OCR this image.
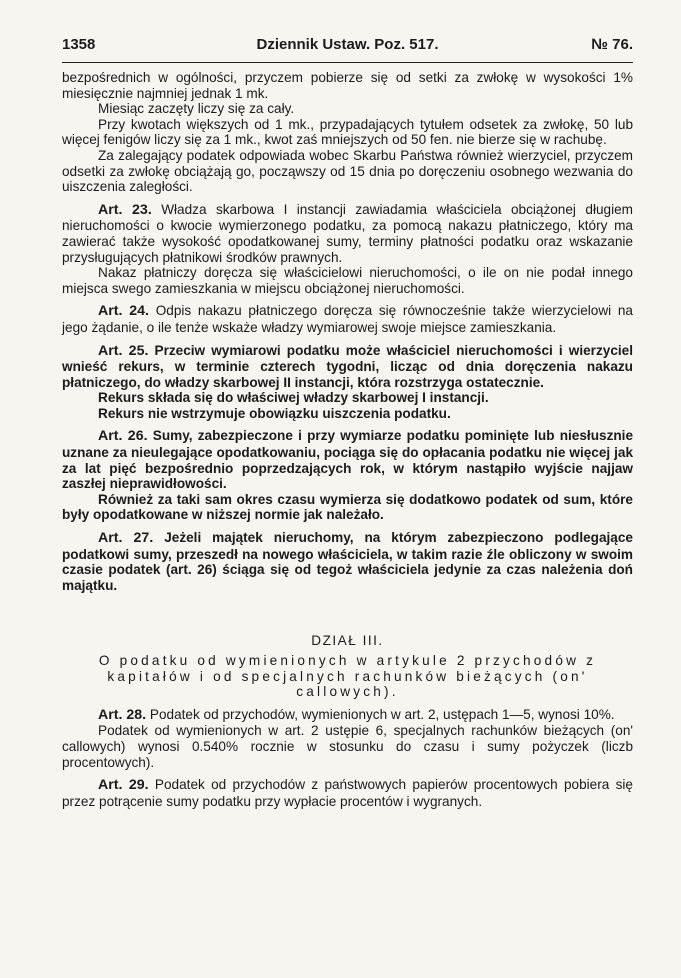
1358	Dziennik Ustaw. Poz. 517.	№ 76.

bezpośrednich w ogólności, przyczem pobierze się od setki za zwłokę w wysokości 1% miesięcznie najmniej jednak 1 mk.

Miesiąc zaczęty liczy się za cały.

Przy kwotach większych od 1 mk., przypadających tytułem odsetek za zwłokę, 50 lub więcej fenigów liczy się za 1 mk., kwot zaś mniejszych od 50 fen. nie bierze się w rachubę.

Za zalegający podatek odpowiada wobec Skarbu Państwa również wierzyciel, przyczem odsetki za zwłokę obciążają go, począwszy od 15 dnia po doręczeniu osobnego wezwania do uiszczenia zaległości.

Art. 23. Władza skarbowa I instancji zawiadamia właściciela obciążonej długiem nieruchomości o kwocie wymierzonego podatku, za pomocą nakazu płatniczego, który ma zawierać także wysokość opodatkowanej sumy, terminy płatności podatku oraz wskazanie przysługujących płatnikowi środków prawnych.

Nakaz płatniczy doręcza się właścicielowi nieruchomości, o ile on nie podał innego miejsca swego zamieszkania w miejscu obciążonej nieruchomości.

Art. 24. Odpis nakazu płatniczego doręcza się równocześnie także wierzycielowi na jego żądanie, o ile tenże wskaże władzy wymiarowej swoje miejsce zamieszkania.

Art. 25. Przeciw wymiarowi podatku może właściciel nieruchomości i wierzyciel wnieść rekurs, w terminie czterech tygodni, licząc od dnia doręczenia nakazu płatniczego, do władzy skarbowej II instancji, która rozstrzyga ostatecznie.

Rekurs składa się do właściwej władzy skarbowej I instancji.

Rekurs nie wstrzymuje obowiązku uiszczenia podatku.

Art. 26. Sumy, zabezpieczone i przy wymiarze podatku pominięte lub niesłusznie uznane za nieulegające opodatkowaniu, pociąga się do opłacania podatku nie więcej jak za lat pięć bezpośrednio poprzedzających rok, w którym nastąpiło wyjście najjaw zaszłej nieprawidłowości.

Również za taki sam okres czasu wymierza się dodatkowo podatek od sum, które były opodatkowane w niższej normie jak należało.

Art. 27. Jeżeli majątek nieruchomy, na którym zabezpieczono podlegające podatkowi sumy, przeszedł na nowego właściciela, w takim razie źle obliczony w swoim czasie podatek (art. 26) ściąga się od tegoż właściciela jedynie za czas należenia doń majątku.

DZIAŁ III.
O podatku od wymienionych w artykule 2 przychodów z kapitałów i od specjalnych rachunków bieżących (on' callowych).

Art. 28. Podatek od przychodów, wymienionych w art. 2, ustępach 1—5, wynosi 10%.

Podatek od wymienionych w art. 2 ustępie 6, specjalnych rachunków bieżących (on' callowych) wynosi 0.540% rocznie w stosunku do czasu i sumy pożyczek (liczb procentowych).

Art. 29. Podatek od przychodów z państwowych papierów procentowych pobiera się przez potrącenie sumy podatku przy wypłacie procentów i wygranych.
